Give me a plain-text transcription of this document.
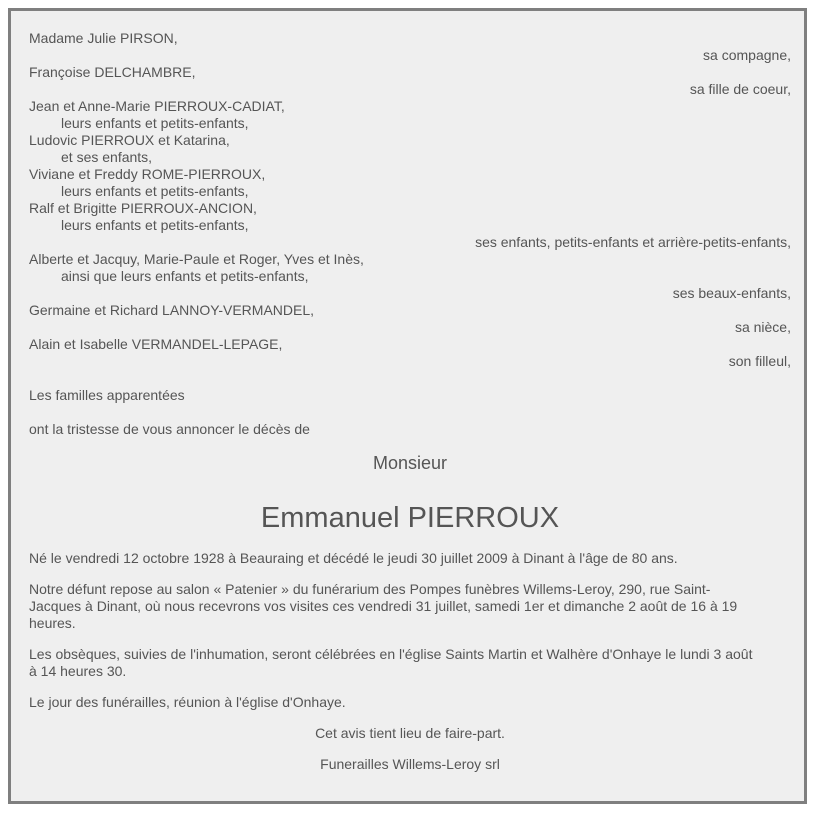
Madame Julie PIRSON,
sa compagne,
Françoise DELCHAMBRE,
sa fille de coeur,
Jean et Anne-Marie PIERROUX-CADIAT,
leurs enfants et petits-enfants,
Ludovic PIERROUX et Katarina,
et ses enfants,
Viviane et Freddy ROME-PIERROUX,
leurs enfants et petits-enfants,
Ralf et Brigitte PIERROUX-ANCION,
leurs enfants et petits-enfants,
ses enfants, petits-enfants et arrière-petits-enfants,
Alberte et Jacquy, Marie-Paule et Roger, Yves et Inès,
ainsi que leurs enfants et petits-enfants,
ses beaux-enfants,
Germaine et Richard LANNOY-VERMANDEL,
sa nièce,
Alain et Isabelle VERMANDEL-LEPAGE,
son filleul,
Les familles apparentées
ont la tristesse de vous annoncer le décès de
Monsieur
Emmanuel PIERROUX
Né le vendredi 12 octobre 1928 à Beauraing et décédé le jeudi 30 juillet 2009 à Dinant à l'âge de 80 ans.
Notre défunt repose au salon « Patenier » du funérarium des Pompes funèbres Willems-Leroy, 290, rue Saint-
Jacques à Dinant, où nous recevrons vos visites ces vendredi 31 juillet, samedi 1er et dimanche 2 août de 16 à 19
heures.
Les obsèques, suivies de l'inhumation, seront célébrées en l'église Saints Martin et Walhère d'Onhaye le lundi 3 août
à 14 heures 30.
Le jour des funérailles, réunion à l'église d'Onhaye.
Cet avis tient lieu de faire-part.
Funerailles Willems-Leroy srl
